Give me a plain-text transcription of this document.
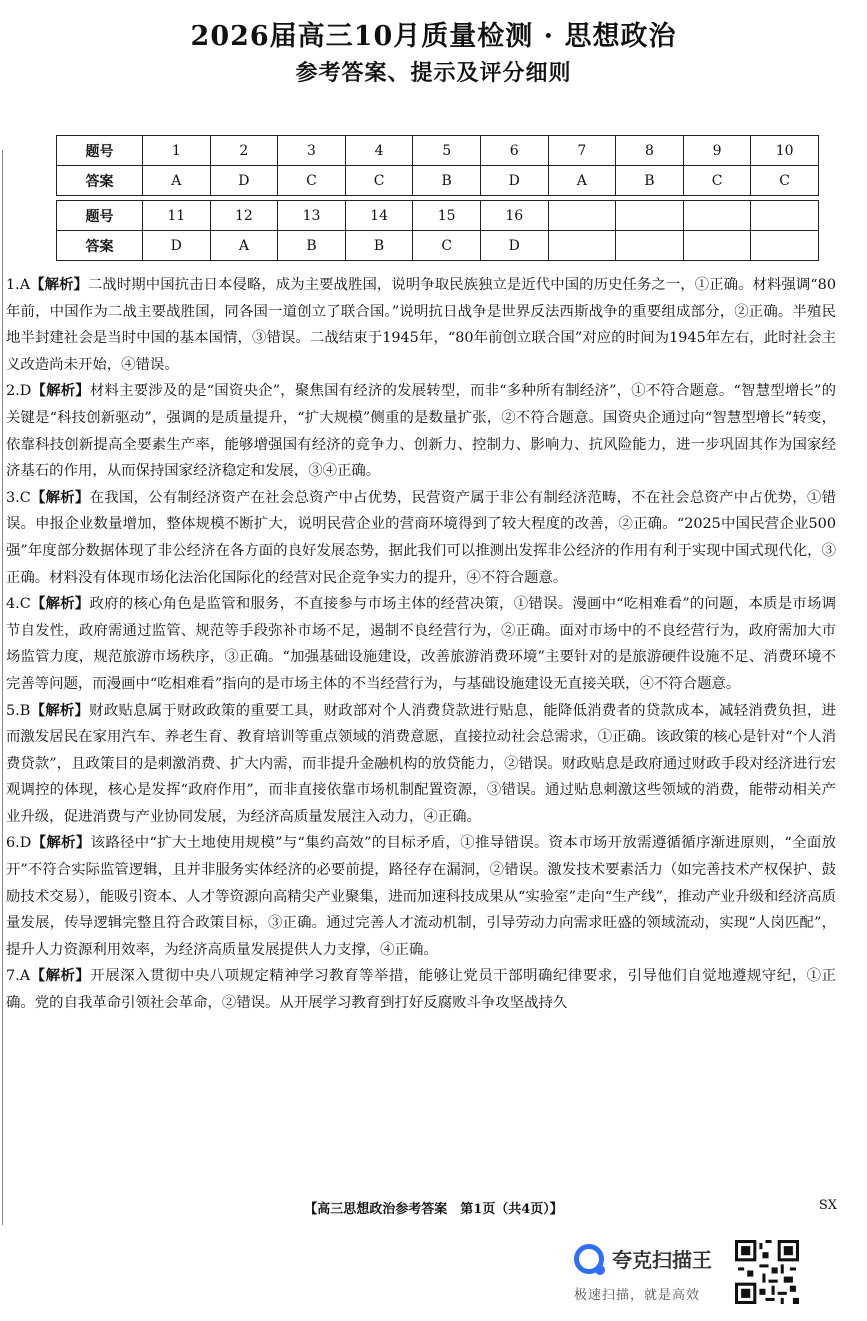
2026届高三10月质量检测 · 思想政治
参考答案、提示及评分细则
题号	1	2	3	4	5	6	7	8	9	10
答案	A	D	C	C	B	D	A	B	C	C

题号	11	12	13	14	15	16				
答案	D	A	B	B	C	D				

1.A【解析】二战时期中国抗击日本侵略，成为主要战胜国，说明争取民族独立是近代中国的历史任务之一，①正确。材料强调“80年前，中国作为二战主要战胜国，同各国一道创立了联合国。”说明抗日战争是世界反法西斯战争的重要组成部分，②正确。半殖民地半封建社会是当时中国的基本国情，③错误。二战结束于1945年，“80年前创立联合国”对应的时间为1945年左右，此时社会主义改造尚未开始，④错误。

2.D【解析】材料主要涉及的是“国资央企”，聚焦国有经济的发展转型，而非“多种所有制经济”，①不符合题意。“智慧型增长”的关键是“科技创新驱动”，强调的是质量提升，“扩大规模”侧重的是数量扩张，②不符合题意。国资央企通过向“智慧型增长”转变，依靠科技创新提高全要素生产率，能够增强国有经济的竞争力、创新力、控制力、影响力、抗风险能力，进一步巩固其作为国家经济基石的作用，从而保持国家经济稳定和发展，③④正确。

3.C【解析】在我国，公有制经济资产在社会总资产中占优势，民营资产属于非公有制经济范畴，不在社会总资产中占优势，①错误。申报企业数量增加，整体规模不断扩大，说明民营企业的营商环境得到了较大程度的改善，②正确。“2025中国民营企业500强”年度部分数据体现了非公经济在各方面的良好发展态势，据此我们可以推测出发挥非公经济的作用有利于实现中国式现代化，③正确。材料没有体现市场化法治化国际化的经营对民企竞争实力的提升，④不符合题意。

4.C【解析】政府的核心角色是监管和服务，不直接参与市场主体的经营决策，①错误。漫画中“吃相难看”的问题，本质是市场调节自发性，政府需通过监管、规范等手段弥补市场不足，遏制不良经营行为，②正确。面对市场中的不良经营行为，政府需加大市场监管力度，规范旅游市场秩序，③正确。“加强基础设施建设，改善旅游消费环境”主要针对的是旅游硬件设施不足、消费环境不完善等问题，而漫画中“吃相难看”指向的是市场主体的不当经营行为，与基础设施建设无直接关联，④不符合题意。

5.B【解析】财政贴息属于财政政策的重要工具，财政部对个人消费贷款进行贴息，能降低消费者的贷款成本，减轻消费负担，进而激发居民在家用汽车、养老生育、教育培训等重点领域的消费意愿，直接拉动社会总需求，①正确。该政策的核心是针对“个人消费贷款”，且政策目的是刺激消费、扩大内需，而非提升金融机构的放贷能力，②错误。财政贴息是政府通过财政手段对经济进行宏观调控的体现，核心是发挥“政府作用”，而非直接依靠市场机制配置资源，③错误。通过贴息刺激这些领域的消费，能带动相关产业升级，促进消费与产业协同发展，为经济高质量发展注入动力，④正确。

6.D【解析】该路径中“扩大土地使用规模”与“集约高效”的目标矛盾，①推导错误。资本市场开放需遵循循序渐进原则，“全面放开”不符合实际监管逻辑，且并非服务实体经济的必要前提，路径存在漏洞，②错误。激发技术要素活力（如完善技术产权保护、鼓励技术交易），能吸引资本、人才等资源向高精尖产业聚集，进而加速科技成果从“实验室”走向“生产线”，推动产业升级和经济高质量发展，传导逻辑完整且符合政策目标，③正确。通过完善人才流动机制，引导劳动力向需求旺盛的领域流动，实现“人岗匹配”，提升人力资源利用效率，为经济高质量发展提供人力支撑，④正确。

7.A【解析】开展深入贯彻中央八项规定精神学习教育等举措，能够让党员干部明确纪律要求，引导他们自觉地遵规守纪，①正确。党的自我革命引领社会革命，②错误。从开展学习教育到打好反腐败斗争攻坚战持久

【高三思想政治参考答案　第1页（共4页）】	SX
夸克扫描王
极速扫描，就是高效
